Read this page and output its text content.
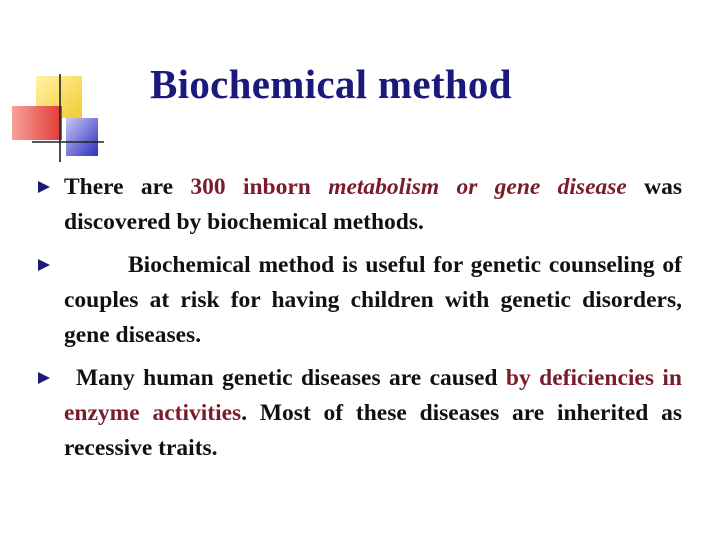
Biochemical method
There are 300 inborn metabolism or gene disease was discovered by biochemical methods.
Biochemical method is useful for genetic counseling of couples at risk for having children with genetic disorders, gene diseases.
Many human genetic diseases are caused by deficiencies in enzyme activities. Most of these diseases are inherited as recessive traits.
